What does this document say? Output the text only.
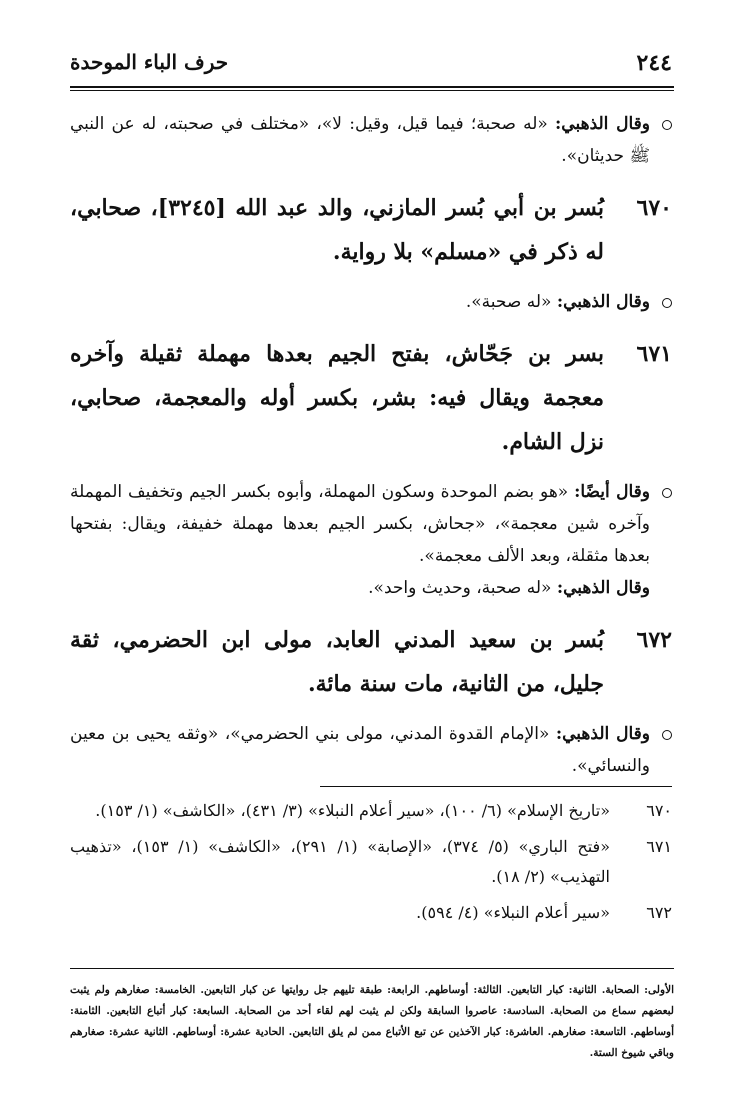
٢٤٤
حرف الباء الموحدة
وقال الذهبي: «له صحبة؛ فيما قيل، وقيل: لا»، «مختلف في صحبته، له عن النبي ﷺ حديثان».
٦٧٠
بُسر بن أبي بُسر المازني، والد عبد الله [٣٢٤٥]، صحابي، له ذكر في «مسلم» بلا رواية.
وقال الذهبي: «له صحبة».
٦٧١
بسر بن جَحّاش، بفتح الجيم بعدها مهملة ثقيلة وآخره معجمة ويقال فيه: بشر، بكسر أوله والمعجمة، صحابي، نزل الشام.
وقال أيضًا: «هو بضم الموحدة وسكون المهملة، وأبوه بكسر الجيم وتخفيف المهملة وآخره شين معجمة»، «جحاش، بكسر الجيم بعدها مهملة خفيفة، ويقال: بفتحها بعدها مثقلة، وبعد الألف معجمة».
وقال الذهبي: «له صحبة، وحديث واحد».
٦٧٢
بُسر بن سعيد المدني العابد، مولى ابن الحضرمي، ثقة جليل، من الثانية، مات سنة مائة.
وقال الذهبي: «الإمام القدوة المدني، مولى بني الحضرمي»، «وثقه يحيى بن معين والنسائي».
٦٧٠
«تاريخ الإسلام» (٦/ ١٠٠)، «سير أعلام النبلاء» (٣/ ٤٣١)، «الكاشف» (١/ ١٥٣).
٦٧١
«فتح الباري» (٥/ ٣٧٤)، «الإصابة» (١/ ٢٩١)، «الكاشف» (١/ ١٥٣)، «تذهيب التهذيب» (٢/ ١٨).
٦٧٢
«سير أعلام النبلاء» (٤/ ٥٩٤).
الأولى: الصحابة. الثانية: كبار التابعين. الثالثة: أوساطهم. الرابعة: طبقة تليهم جل روايتها عن كبار التابعين. الخامسة: صغارهم ولم يثبت لبعضهم سماع من الصحابة. السادسة: عاصروا السابقة ولكن لم يثبت لهم لقاء أحد من الصحابة. السابعة: كبار أتباع التابعين. الثامنة: أوساطهم. التاسعة: صغارهم. العاشرة: كبار الآخذين عن تبع الأتباع ممن لم يلق التابعين. الحادية عشرة: أوساطهم. الثانية عشرة: صغارهم وباقي شيوخ الستة.
